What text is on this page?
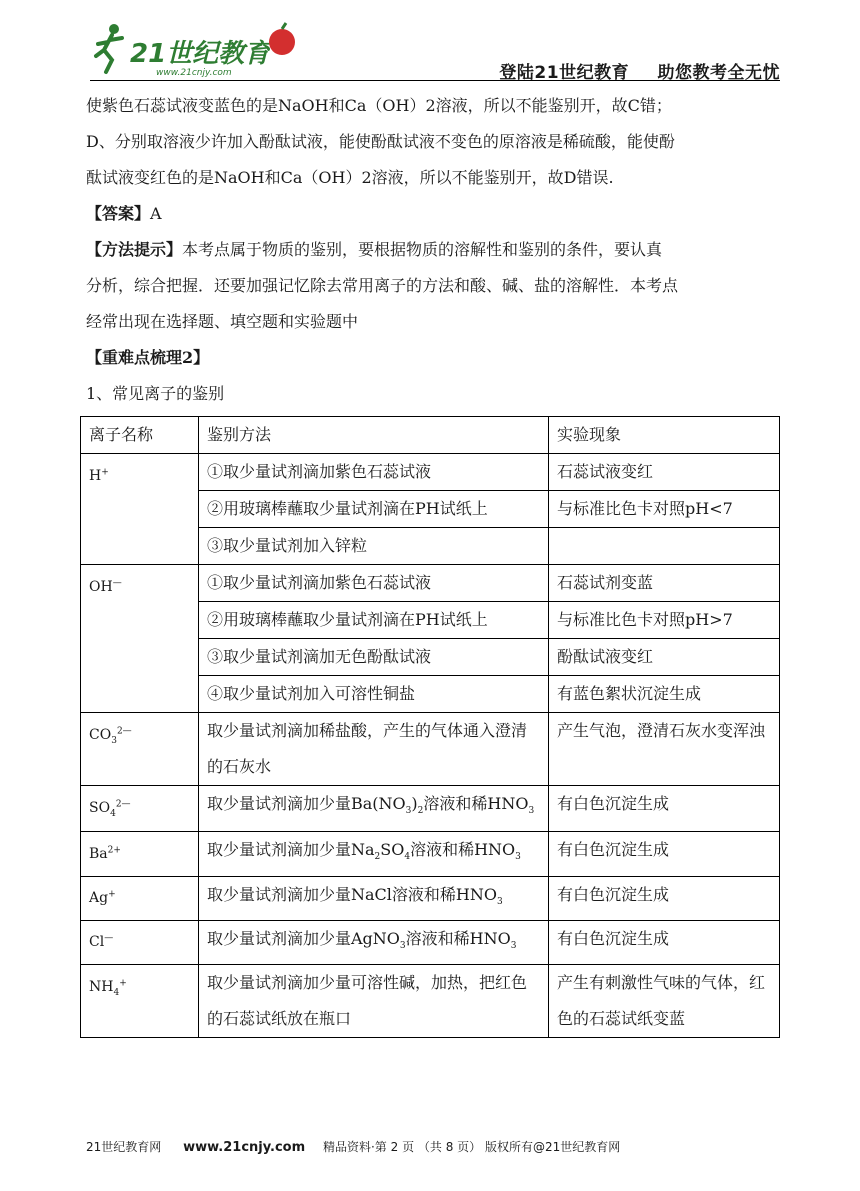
21世纪教育
www.21cnjy.com	登陆21世纪教育 助您教考全无忧
使紫色石蕊试液变蓝色的是NaOH和Ca（OH）2溶液，所以不能鉴别开，故C错；
D、分别取溶液少许加入酚酞试液，能使酚酞试液不变色的原溶液是稀硫酸，能使酚
酞试液变红色的是NaOH和Ca（OH）2溶液，所以不能鉴别开，故D错误.
【答案】A
【方法提示】本考点属于物质的鉴别，要根据物质的溶解性和鉴别的条件，要认真
分析，综合把握．还要加强记忆除去常用离子的方法和酸、碱、盐的溶解性．本考点
经常出现在选择题、填空题和实验题中
【重难点梳理2】
1、常见离子的鉴别
离子名称	鉴别方法	实验现象
H+	①取少量试剂滴加紫色石蕊试液	石蕊试液变红
	②用玻璃棒蘸取少量试剂滴在PH试纸上	与标准比色卡对照pH<7
	③取少量试剂加入锌粒	
OH—	①取少量试剂滴加紫色石蕊试液	石蕊试剂变蓝
	②用玻璃棒蘸取少量试剂滴在PH试纸上	与标准比色卡对照pH>7
	③取少量试剂滴加无色酚酞试液	酚酞试液变红
	④取少量试剂加入可溶性铜盐	有蓝色絮状沉淀生成
$CO_3^{2—}$	取少量试剂滴加稀盐酸，产生的气体通入澄清的石灰水	产生气泡，澄清石灰水变浑浊
$SO_4^{2—}$	取少量试剂滴加少量$Ba(NO_3)_2$溶液和稀$HNO_3$	有白色沉淀生成
$Ba^{2+}$	取少量试剂滴加少量$Na_2SO_4$溶液和稀$HNO_3$	有白色沉淀生成
Ag+	取少量试剂滴加少量NaCl溶液和稀$HNO_3$	有白色沉淀生成
Cl—	取少量试剂滴加少量AgNO$_3$溶液和稀$HNO_3$	有白色沉淀生成
$NH_4^+$	取少量试剂滴加少量可溶性碱，加热，把红色的石蕊试纸放在瓶口	产生有刺激性气味的气体，红色的石蕊试纸变蓝
21世纪教育网 www.21cnjy.com 精品资料·第 2 页 （共 8 页） 版权所有@21世纪教育网
